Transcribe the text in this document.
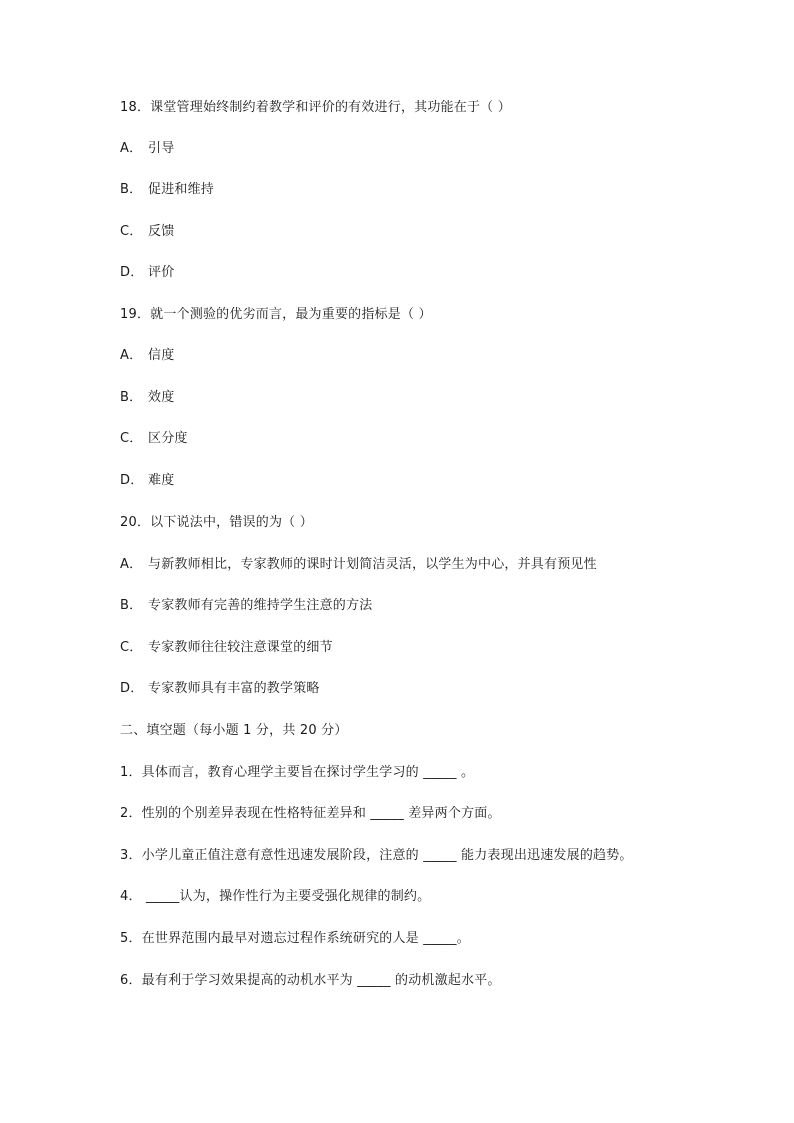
18．课堂管理始终制约着教学和评价的有效进行，其功能在于（ ）
A． 引导
B． 促进和维持
C． 反馈
D． 评价
19．就一个测验的优劣而言，最为重要的指标是（ ）
A． 信度
B． 效度
C． 区分度
D． 难度
20．以下说法中，错误的为（ ）
A． 与新教师相比，专家教师的课时计划简洁灵活，以学生为中心，并具有预见性
B． 专家教师有完善的维持学生注意的方法
C． 专家教师往往较注意课堂的细节
D． 专家教师具有丰富的教学策略
二、填空题（每小题 1 分，共 20 分）
1．具体而言，教育心理学主要旨在探讨学生学习的 _____ 。
2．性别的个别差异表现在性格特征差异和 _____ 差异两个方面。
3．小学儿童正值注意有意性迅速发展阶段，注意的 _____ 能力表现出迅速发展的趋势。
4． _____认为，操作性行为主要受强化规律的制约。
5．在世界范围内最早对遗忘过程作系统研究的人是 _____。
6．最有利于学习效果提高的动机水平为 _____ 的动机激起水平。
